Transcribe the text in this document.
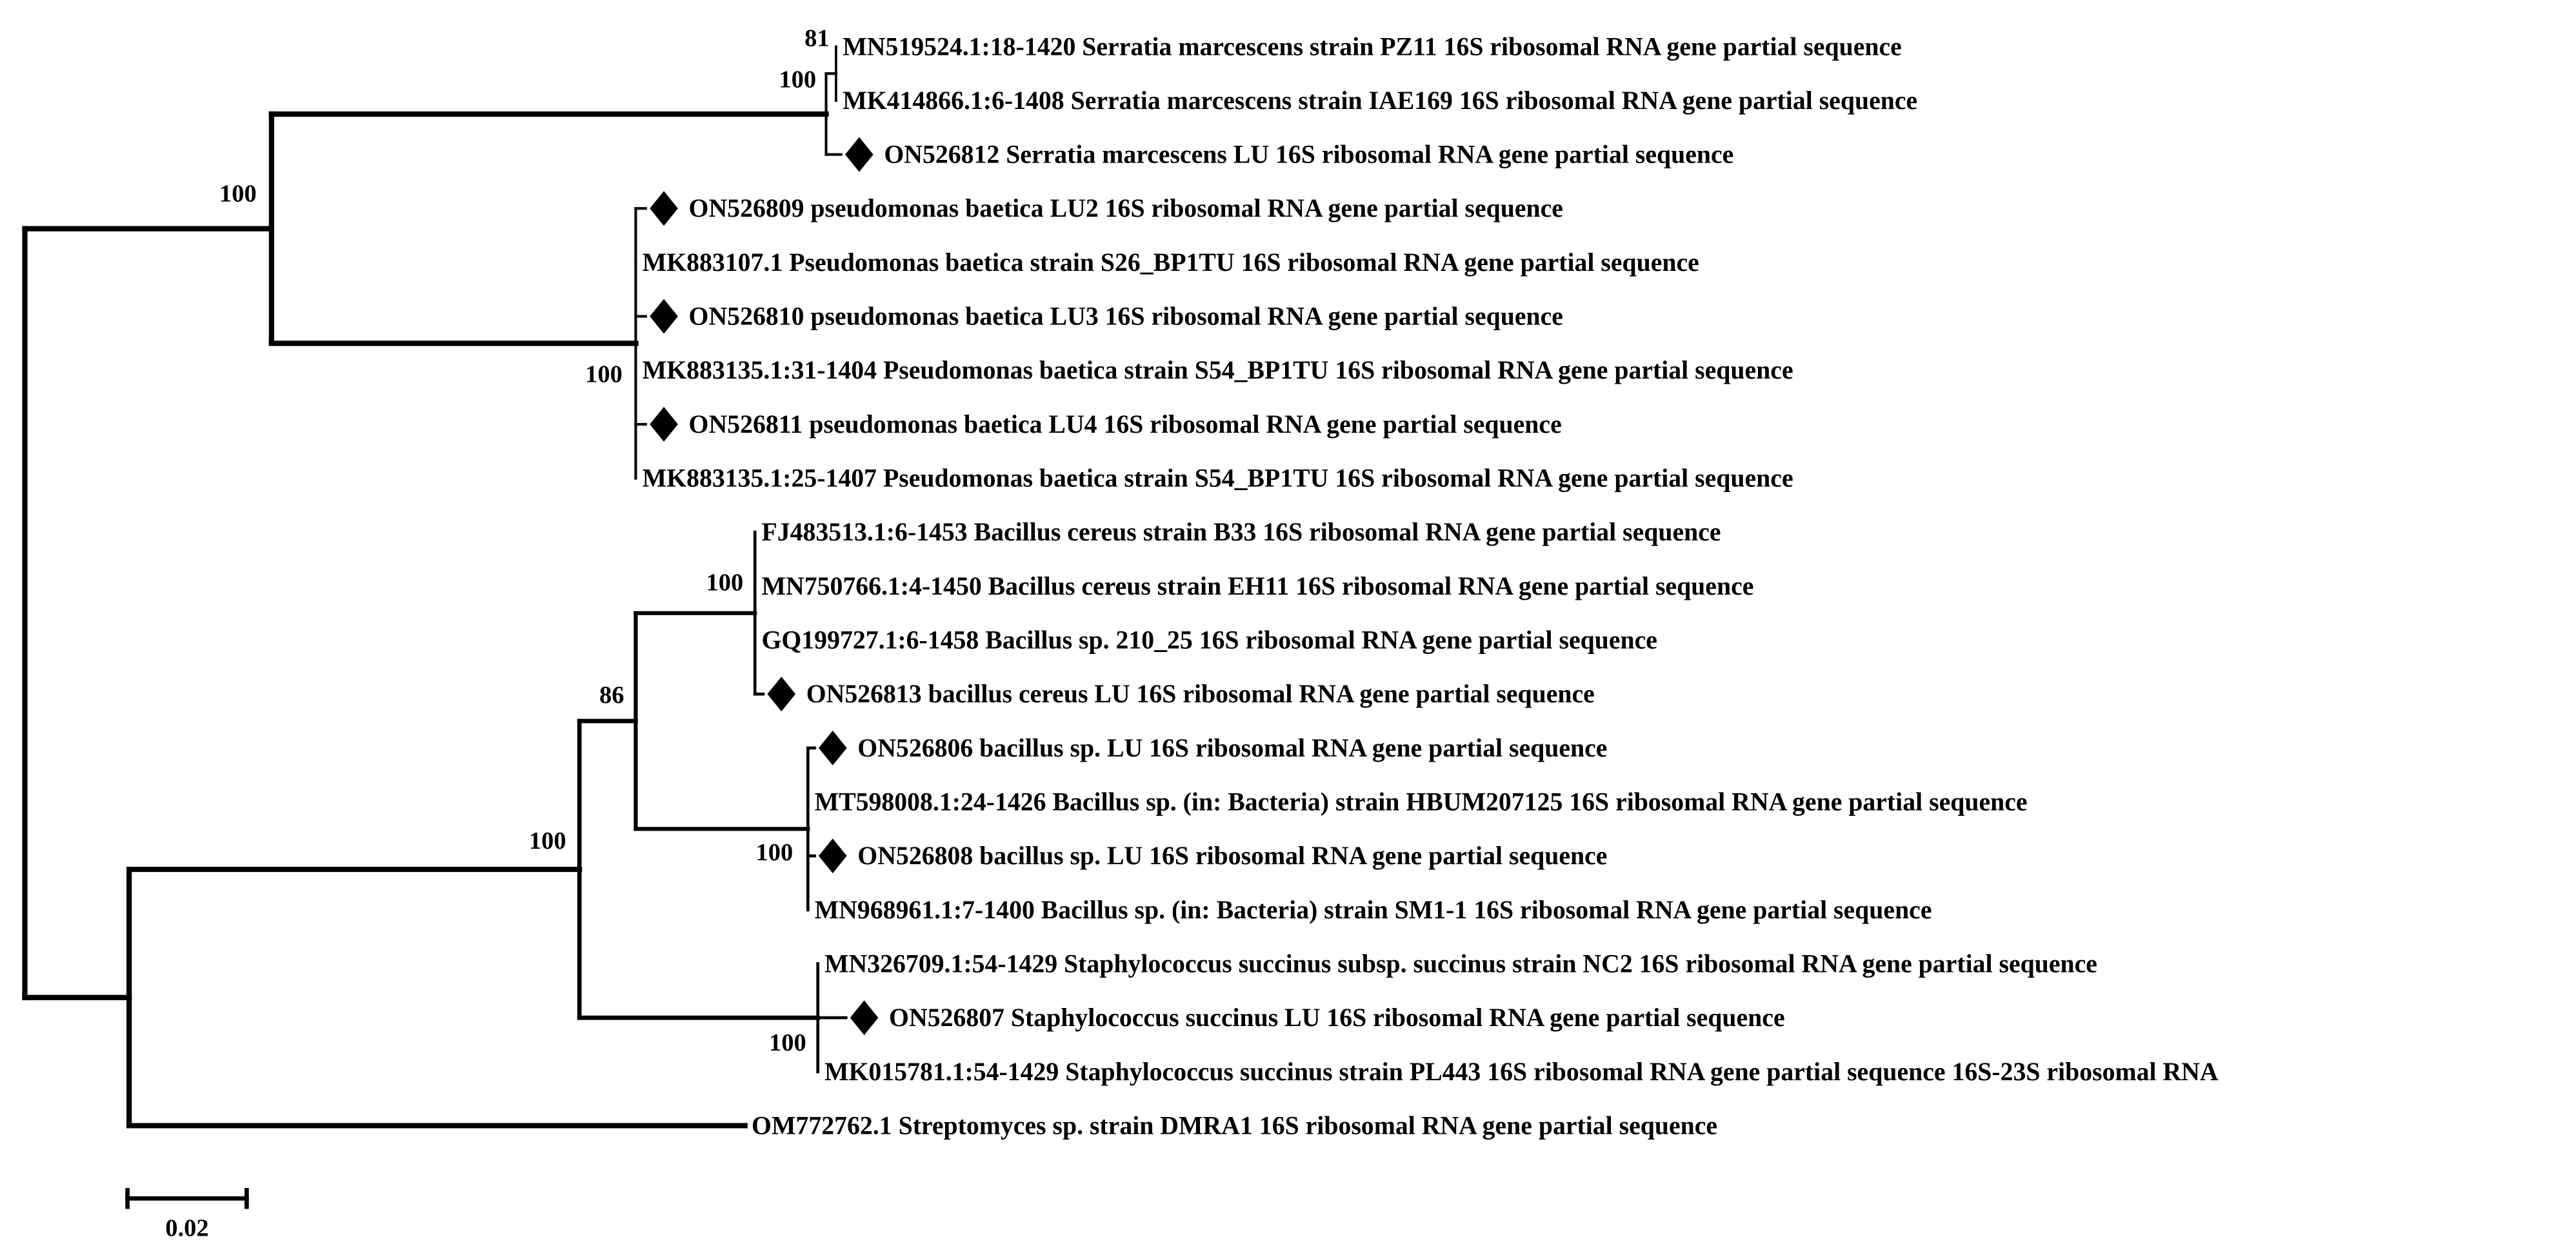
81
100
100
100
100
100
86
100
100
MN519524.1:18-1420 Serratia marcescens strain PZ11 16S ribosomal RNA gene partial sequence
MK414866.1:6-1408 Serratia marcescens strain IAE169 16S ribosomal RNA gene partial sequence
ON526812 Serratia marcescens LU 16S ribosomal RNA gene partial sequence
ON526809 pseudomonas baetica LU2 16S ribosomal RNA gene partial sequence
MK883107.1 Pseudomonas baetica strain S26_BP1TU 16S ribosomal RNA gene partial sequence
ON526810 pseudomonas baetica LU3 16S ribosomal RNA gene partial sequence
MK883135.1:31-1404 Pseudomonas baetica strain S54_BP1TU 16S ribosomal RNA gene partial sequence
ON526811 pseudomonas baetica LU4 16S ribosomal RNA gene partial sequence
MK883135.1:25-1407 Pseudomonas baetica strain S54_BP1TU 16S ribosomal RNA gene partial sequence
FJ483513.1:6-1453 Bacillus cereus strain B33 16S ribosomal RNA gene partial sequence
MN750766.1:4-1450 Bacillus cereus strain EH11 16S ribosomal RNA gene partial sequence
GQ199727.1:6-1458 Bacillus sp. 210_25 16S ribosomal RNA gene partial sequence
ON526813 bacillus cereus LU 16S ribosomal RNA gene partial sequence
ON526806 bacillus sp. LU 16S ribosomal RNA gene partial sequence
MT598008.1:24-1426 Bacillus sp. (in: Bacteria) strain HBUM207125 16S ribosomal RNA gene partial sequence
ON526808 bacillus sp. LU 16S ribosomal RNA gene partial sequence
MN968961.1:7-1400 Bacillus sp. (in: Bacteria) strain SM1-1 16S ribosomal RNA gene partial sequence
MN326709.1:54-1429 Staphylococcus succinus subsp. succinus strain NC2 16S ribosomal RNA gene partial sequence
ON526807 Staphylococcus succinus LU 16S ribosomal RNA gene partial sequence
MK015781.1:54-1429 Staphylococcus succinus strain PL443 16S ribosomal RNA gene partial sequence 16S-23S ribosomal RNA
OM772762.1 Streptomyces sp. strain DMRA1 16S ribosomal RNA gene partial sequence
0.02
